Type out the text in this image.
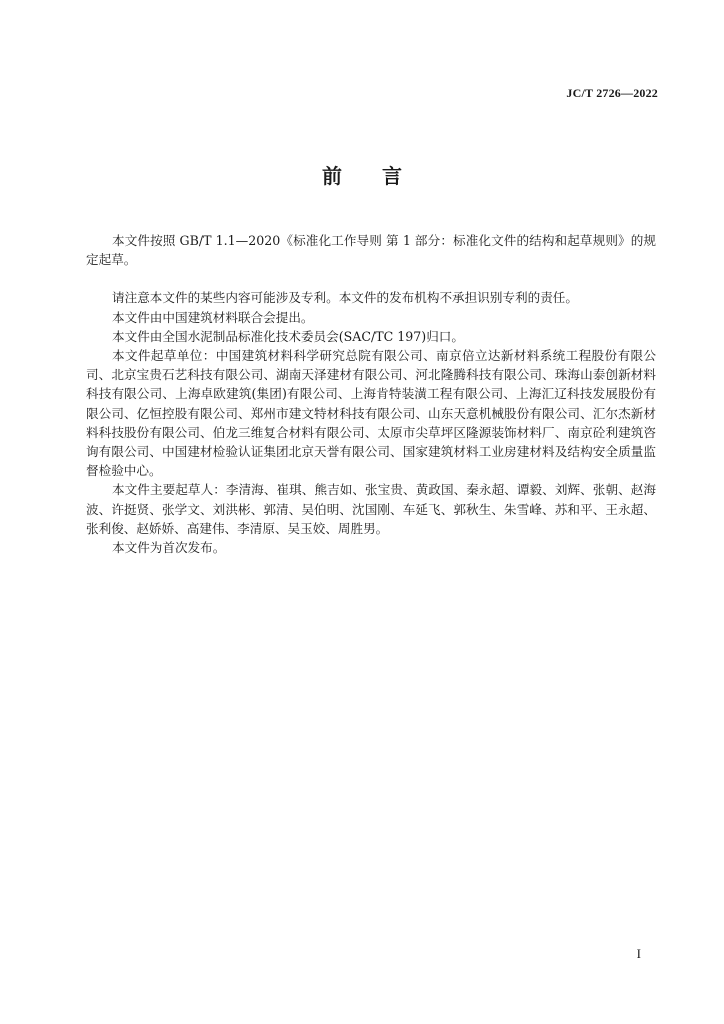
JC/T 2726—2022
前言

本文件按照 GB/T 1.1—2020《标准化工作导则 第 1 部分：标准化文件的结构和起草规则》的规定起草。

请注意本文件的某些内容可能涉及专利。本文件的发布机构不承担识别专利的责任。

本文件由中国建筑材料联合会提出。

本文件由全国水泥制品标准化技术委员会(SAC/TC 197)归口。

本文件起草单位：中国建筑材料科学研究总院有限公司、南京倍立达新材料系统工程股份有限公司、北京宝贵石艺科技有限公司、湖南天泽建材有限公司、河北隆腾科技有限公司、珠海山泰创新材料科技有限公司、上海卓欧建筑(集团)有限公司、上海肯特装潢工程有限公司、上海汇辽科技发展股份有限公司、亿恒控股有限公司、郑州市建文特材科技有限公司、山东天意机械股份有限公司、汇尔杰新材料科技股份有限公司、伯龙三维复合材料有限公司、太原市尖草坪区隆源装饰材料厂、南京砼利建筑咨询有限公司、中国建材检验认证集团北京天誉有限公司、国家建筑材料工业房建材料及结构安全质量监督检验中心。

本文件主要起草人：李清海、崔琪、熊吉如、张宝贵、黄政国、秦永超、谭毅、刘辉、张朝、赵海波、许挺贤、张学文、刘洪彬、郭清、吴伯明、沈国刚、车延飞、郭秋生、朱雪峰、苏和平、王永超、张利俊、赵娇娇、高建伟、李清原、吴玉姣、周胜男。

本文件为首次发布。

I
